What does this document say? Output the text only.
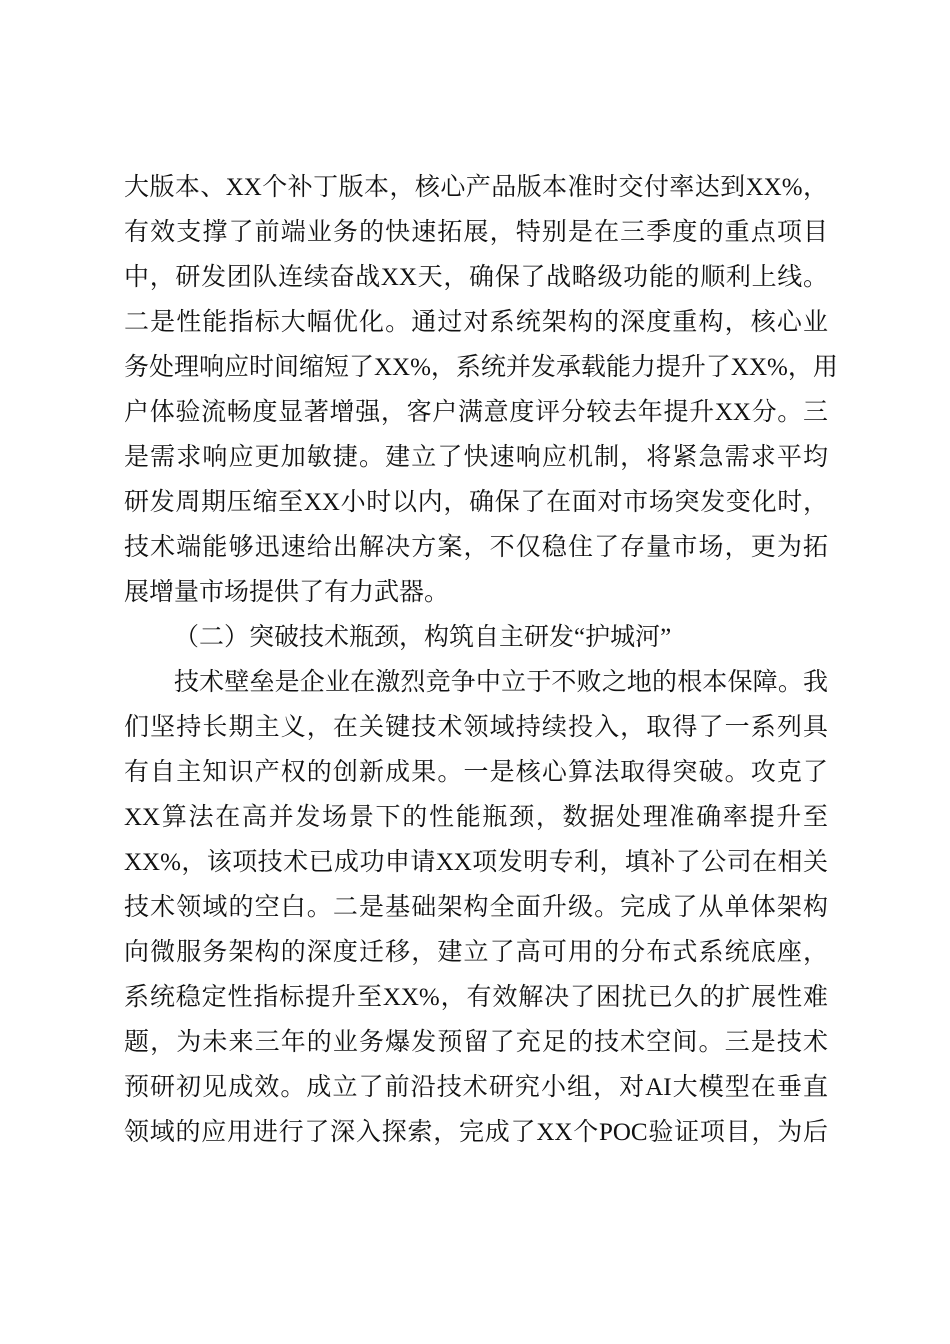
大版本、XX个补丁版本，核心产品版本准时交付率达到XX%，
有效支撑了前端业务的快速拓展，特别是在三季度的重点项目
中，研发团队连续奋战XX天，确保了战略级功能的顺利上线。
二是性能指标大幅优化。通过对系统架构的深度重构，核心业
务处理响应时间缩短了XX%，系统并发承载能力提升了XX%，用
户体验流畅度显著增强，客户满意度评分较去年提升XX分。三
是需求响应更加敏捷。建立了快速响应机制，将紧急需求平均
研发周期压缩至XX小时以内，确保了在面对市场突发变化时，
技术端能够迅速给出解决方案，不仅稳住了存量市场，更为拓
展增量市场提供了有力武器。
（二）突破技术瓶颈，构筑自主研发“护城河”
技术壁垒是企业在激烈竞争中立于不败之地的根本保障。我
们坚持长期主义，在关键技术领域持续投入，取得了一系列具
有自主知识产权的创新成果。一是核心算法取得突破。攻克了
XX算法在高并发场景下的性能瓶颈，数据处理准确率提升至
XX%，该项技术已成功申请XX项发明专利，填补了公司在相关
技术领域的空白。二是基础架构全面升级。完成了从单体架构
向微服务架构的深度迁移，建立了高可用的分布式系统底座，
系统稳定性指标提升至XX%，有效解决了困扰已久的扩展性难
题，为未来三年的业务爆发预留了充足的技术空间。三是技术
预研初见成效。成立了前沿技术研究小组，对AI大模型在垂直
领域的应用进行了深入探索，完成了XX个POC验证项目，为后
